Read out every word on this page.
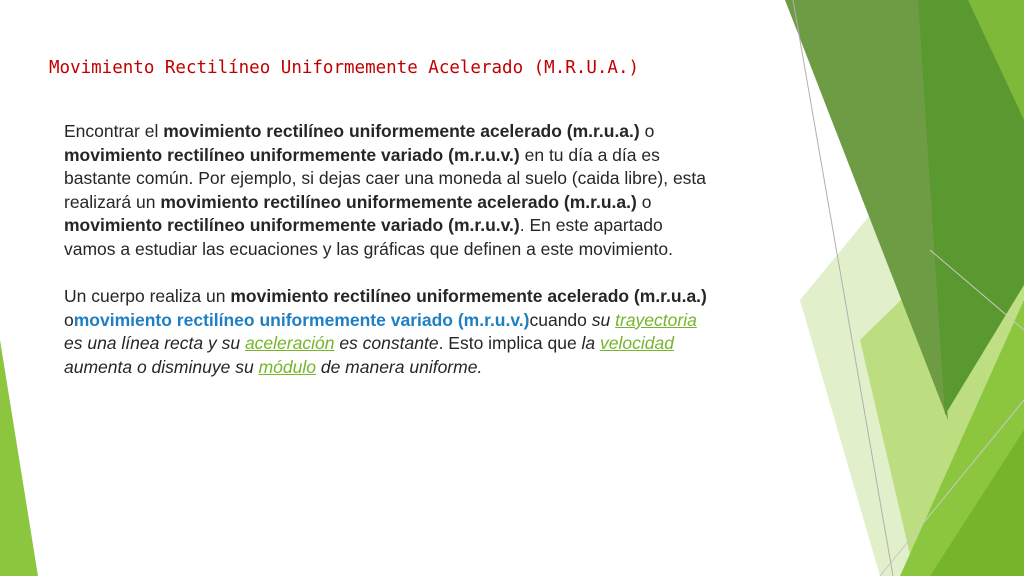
Movimiento Rectilíneo Uniformemente Acelerado (M.R.U.A.)

Encontrar el movimiento rectilíneo uniformemente acelerado (m.r.u.a.) o movimiento rectilíneo uniformemente variado (m.r.u.v.) en tu día a día es bastante común. Por ejemplo, si dejas caer una moneda al suelo (caida libre), esta realizará un movimiento rectilíneo uniformemente acelerado (m.r.u.a.) o movimiento rectilíneo uniformemente variado (m.r.u.v.). En este apartado vamos a estudiar las ecuaciones y las gráficas que definen a este movimiento.

Un cuerpo realiza un movimiento rectilíneo uniformemente acelerado (m.r.u.a.) omovimiento rectilíneo uniformemente variado (m.r.u.v.)cuando su trayectoria es una línea recta y su aceleración es constante. Esto implica que la velocidad aumenta o disminuye su módulo de manera uniforme.
